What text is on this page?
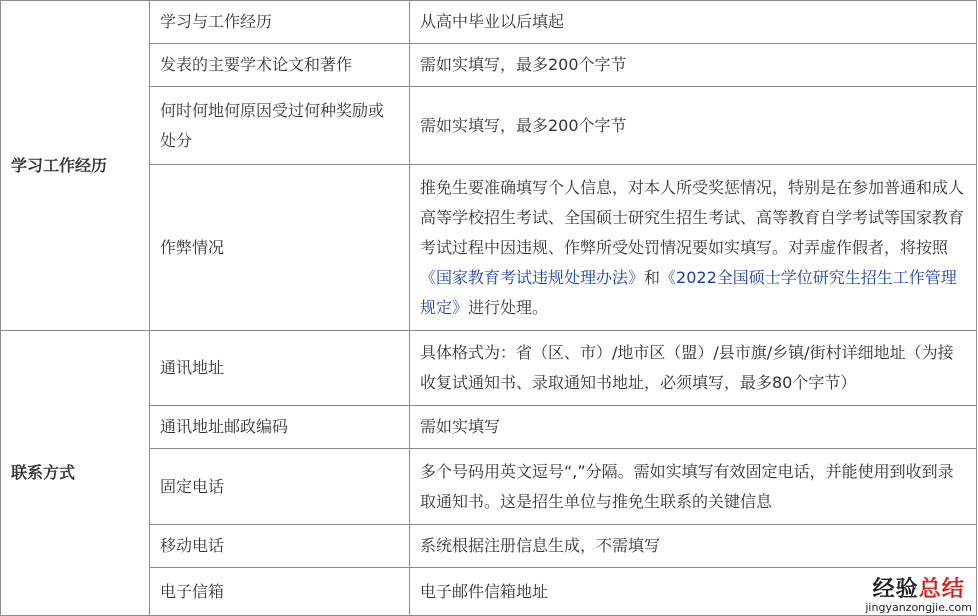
学习工作经历	学习与工作经历	从高中毕业以后填起
	发表的主要学术论文和著作	需如实填写，最多200个字节
	何时何地何原因受过何种奖励或处分	需如实填写，最多200个字节
	作弊情况	推免生要准确填写个人信息，对本人所受奖惩情况，特别是在参加普通和成人高等学校招生考试、全国硕士研究生招生考试、高等教育自学考试等国家教育考试过程中因违规、作弊所受处罚情况要如实填写。对弄虚作假者，将按照《国家教育考试违规处理办法》和《2022全国硕士学位研究生招生工作管理规定》进行处理。
联系方式	通讯地址	具体格式为：省（区、市）/地市区（盟）/县市旗/乡镇/街村详细地址（为接收复试通知书、录取通知书地址，必须填写，最多80个字节）
	通讯地址邮政编码	需如实填写
	固定电话	多个号码用英文逗号“,”分隔。需如实填写有效固定电话，并能使用到收到录取通知书。这是招生单位与推免生联系的关键信息
	移动电话	系统根据注册信息生成，不需填写
	电子信箱	电子邮件信箱地址	经验总结
jingyanzongjie.com
